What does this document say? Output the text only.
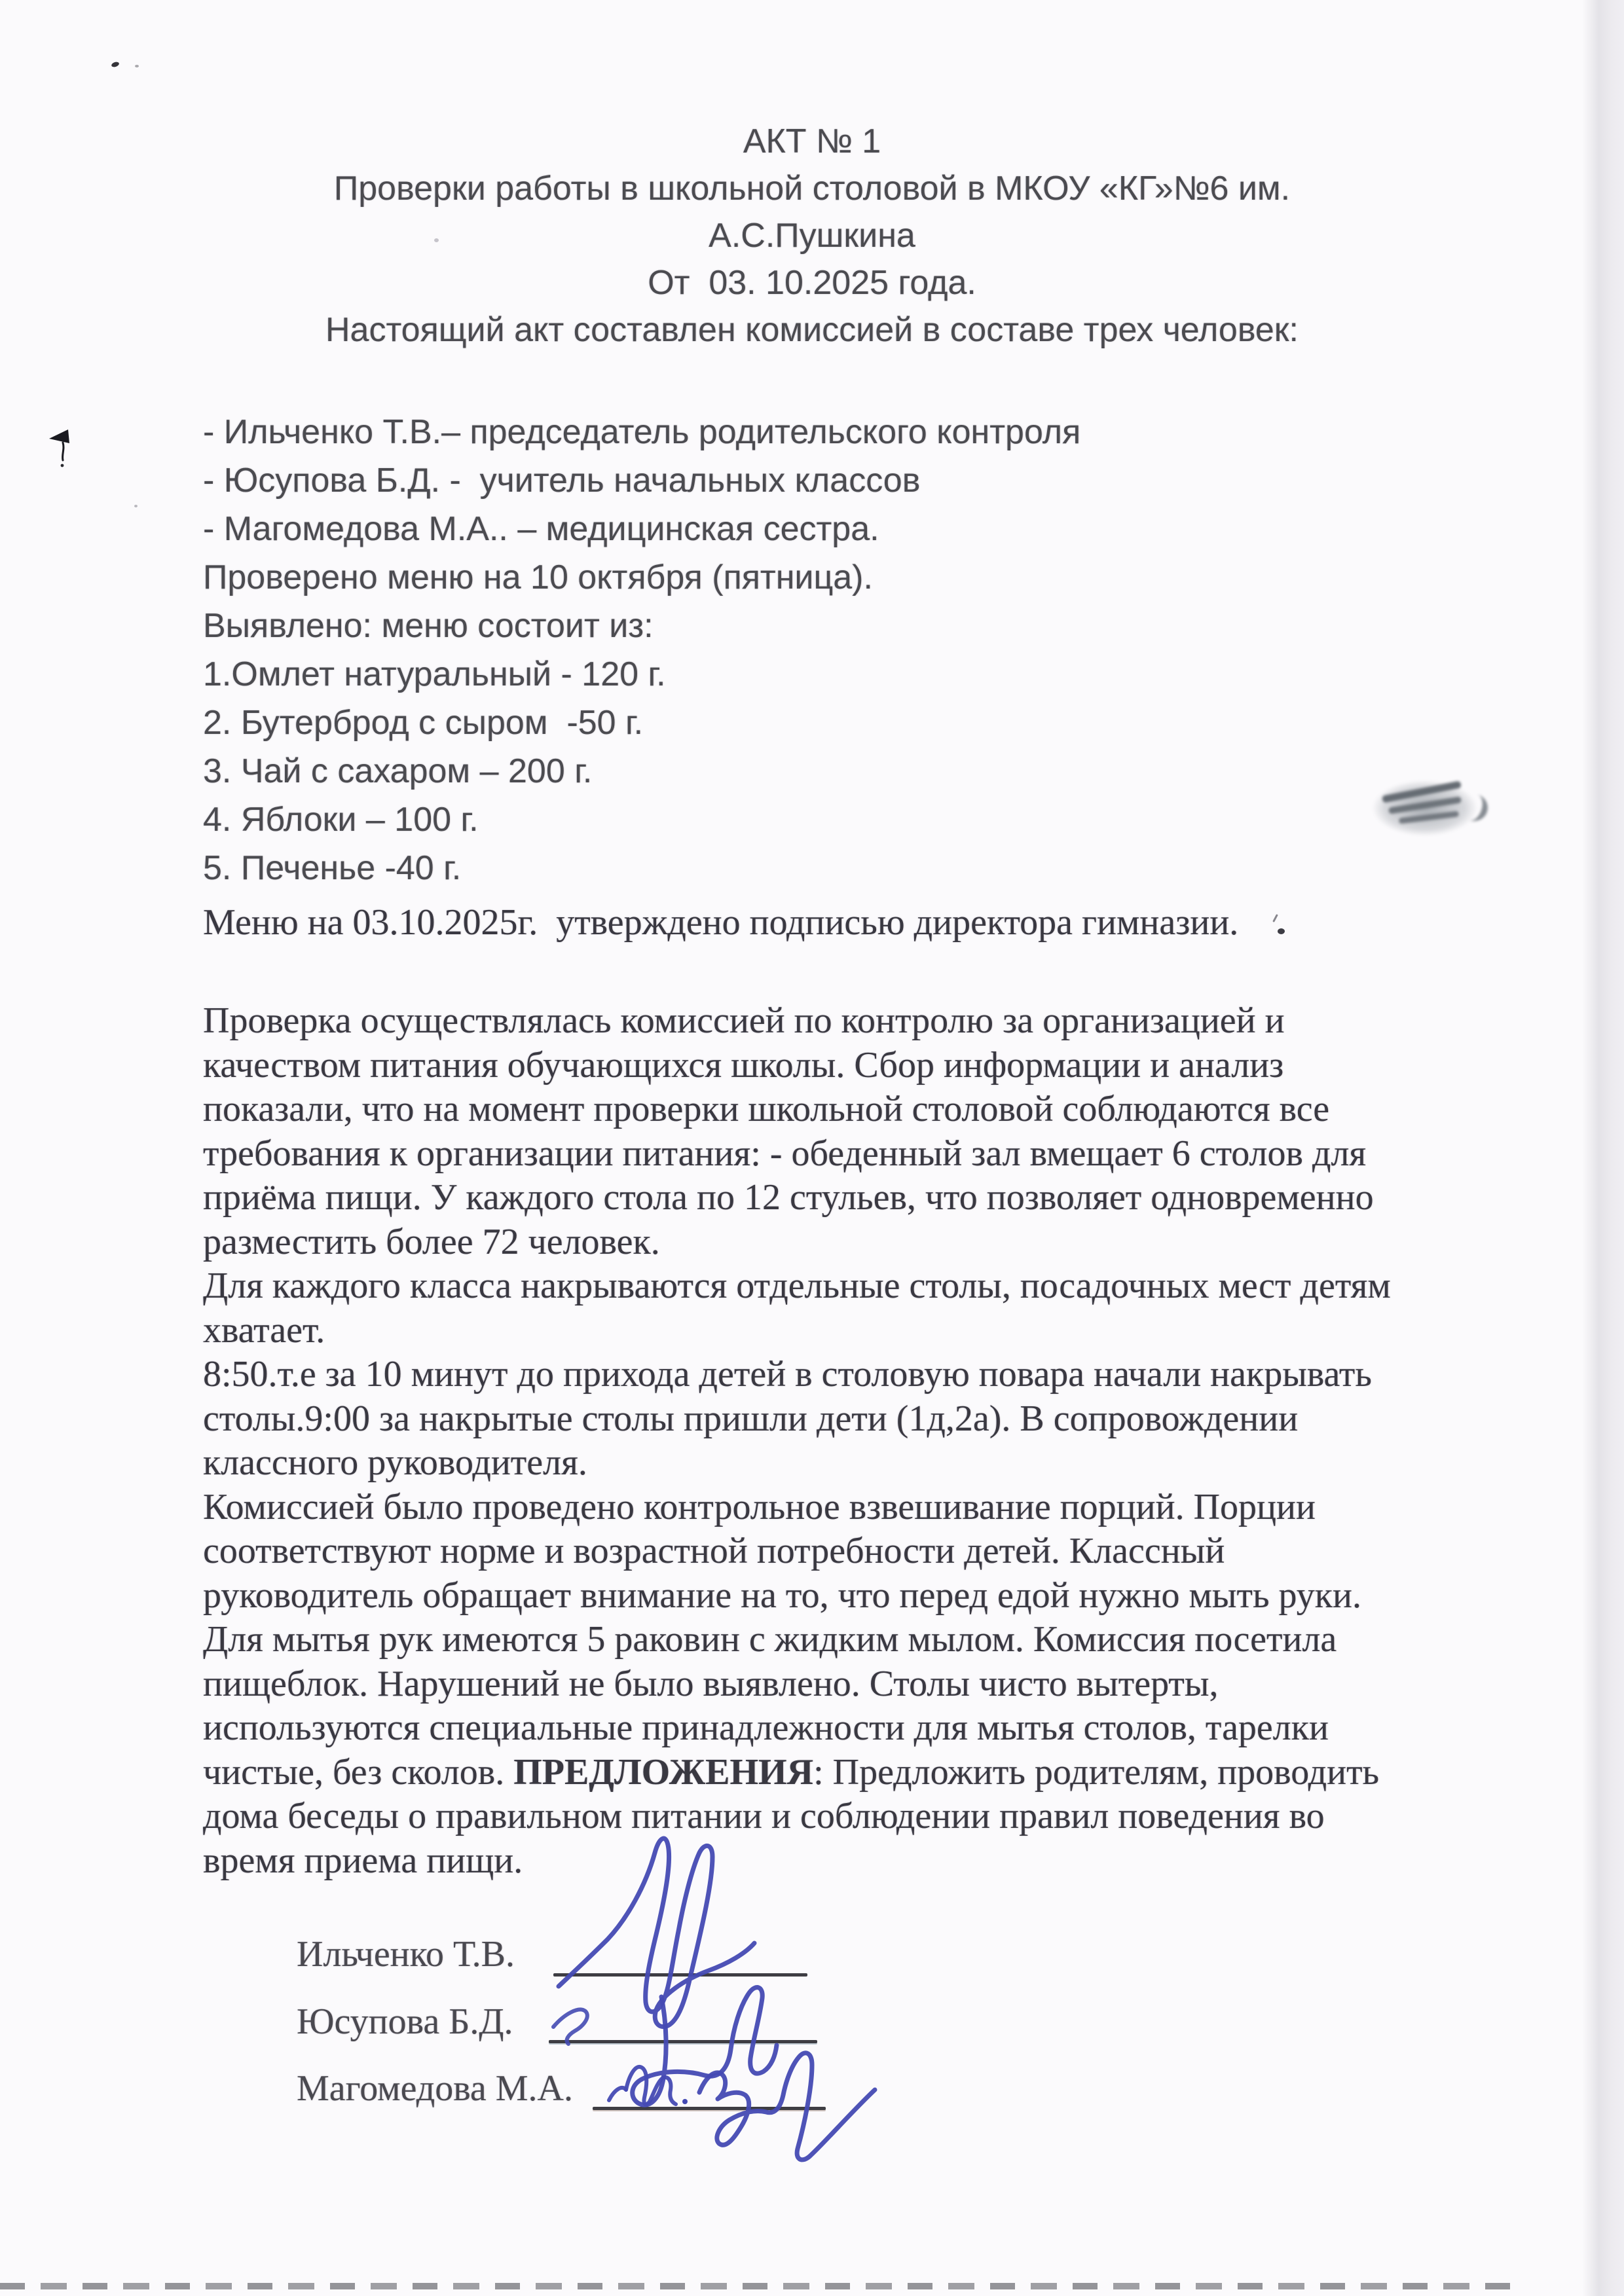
АКТ № 1
Проверки работы в школьной столовой в МКОУ «КГ»№6 им.
А.С.Пушкина
От  03. 10.2025 года.
Настоящий акт составлен комиссией в составе трех человек:
- Ильченко Т.В.– председатель родительского контроля
- Юсупова Б.Д. -  учитель начальных классов
- Магомедова М.А.. – медицинская сестра.
Проверено меню на 10 октября (пятница).
Выявлено: меню состоит из:
1.Омлет натуральный - 120 г.
2. Бутерброд с сыром  -50 г.
3. Чай с сахаром – 200 г.
4. Яблоки – 100 г.
5. Печенье -40 г.
Меню на 03.10.2025г.  утверждено подписью директора гимназии.
Проверка осуществлялась комиссией по контролю за организацией и
качеством питания обучающихся школы. Сбор информации и анализ
показали, что на момент проверки школьной столовой соблюдаются все
требования к организации питания: - обеденный зал вмещает 6 столов для
приёма пищи. У каждого стола по 12 стульев, что позволяет одновременно
разместить более 72 человек.
Для каждого класса накрываются отдельные столы, посадочных мест детям
хватает.
8:50.т.е за 10 минут до прихода детей в столовую повара начали накрывать
столы.9:00 за накрытые столы пришли дети (1д,2а). В сопровождении
классного руководителя.
Комиссией было проведено контрольное взвешивание порций. Порции
соответствуют норме и возрастной потребности детей. Классный
руководитель обращает внимание на то, что перед едой нужно мыть руки.
Для мытья рук имеются 5 раковин с жидким мылом. Комиссия посетила
пищеблок. Нарушений не было выявлено. Столы чисто вытерты,
используются специальные принадлежности для мытья столов, тарелки
чистые, без сколов. ПРЕДЛОЖЕНИЯ: Предложить родителям, проводить
дома беседы о правильном питании и соблюдении правил поведения во
время приема пищи.
Ильченко Т.В.
Юсупова Б.Д.
Магомедова М.А.
